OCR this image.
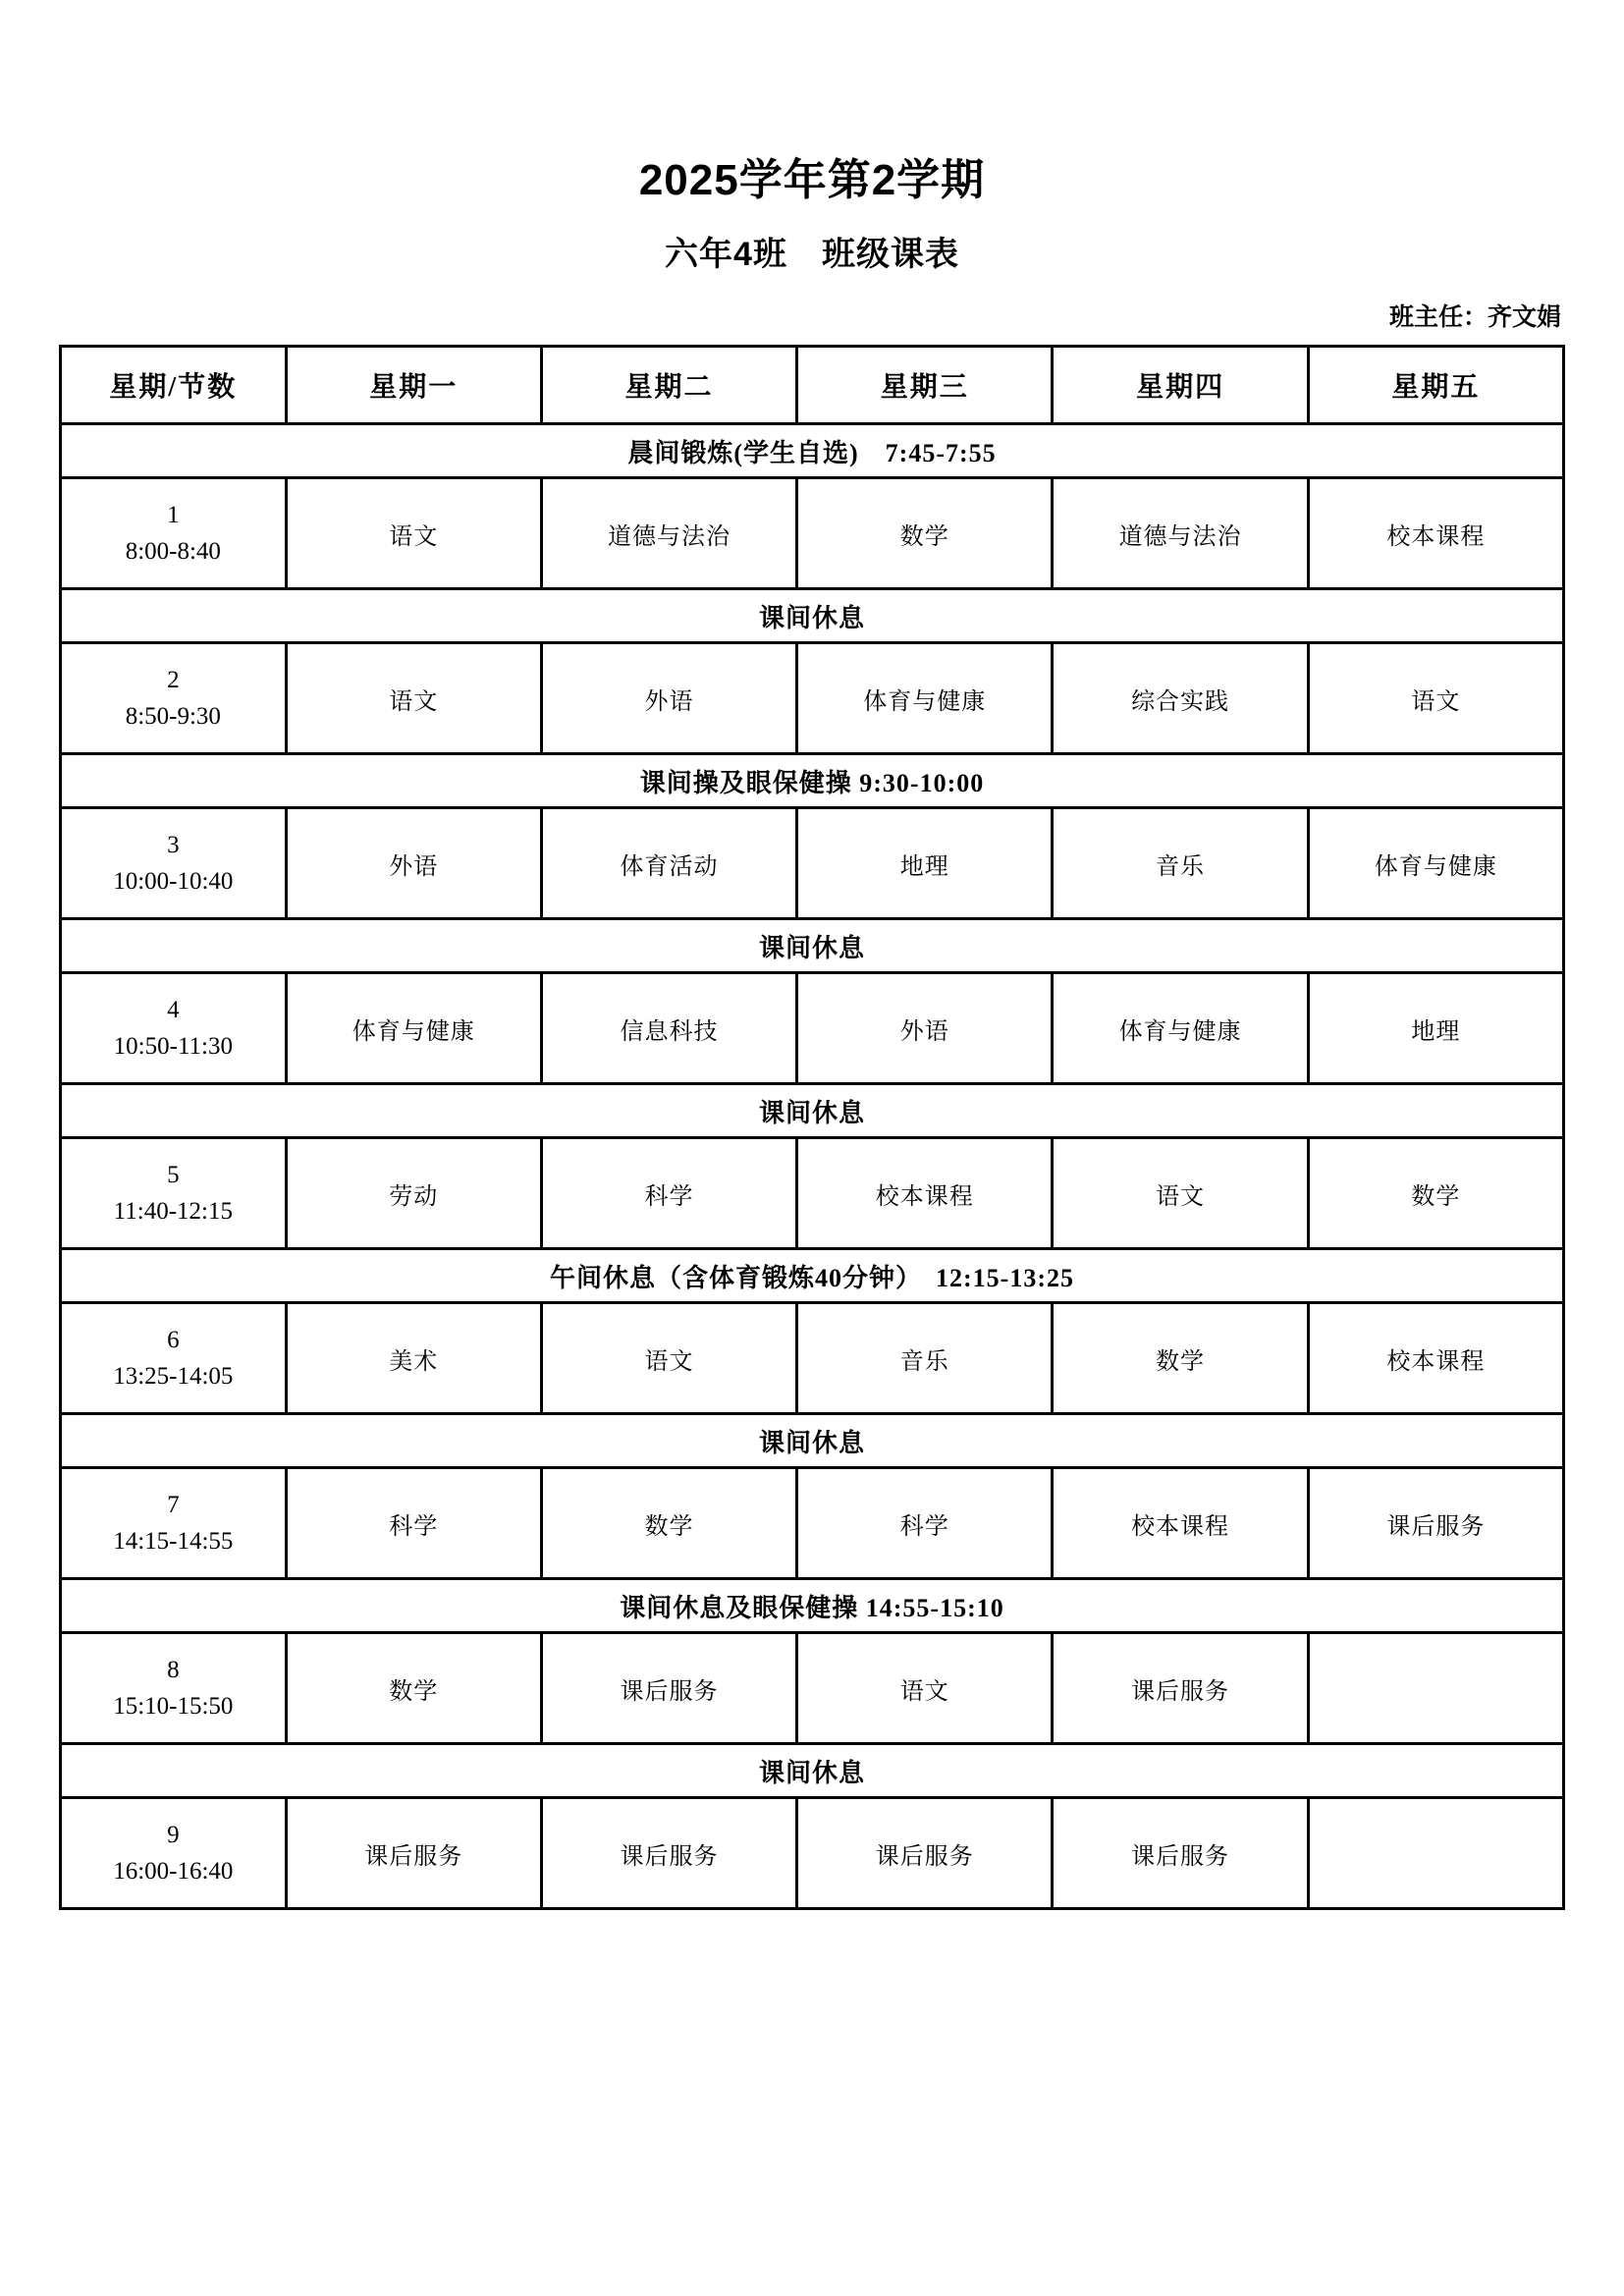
2025学年第2学期
六年4班　班级课表
班主任：齐文娟
星期/节数	星期一	星期二	星期三	星期四	星期五
晨间锻炼(学生自选)　7:45-7:55					

1
8:00-8:40	语文	道德与法治	数学	道德与法治	校本课程
课间休息					

2
8:50-9:30	语文	外语	体育与健康	综合实践	语文
课间操及眼保健操 9:30-10:00					

3
10:00-10:40	外语	体育活动	地理	音乐	体育与健康
课间休息					

4
10:50-11:30	体育与健康	信息科技	外语	体育与健康	地理
课间休息					

5
11:40-12:15	劳动	科学	校本课程	语文	数学
午间休息（含体育锻炼40分钟）　12:15-13:25					

6
13:25-14:05	美术	语文	音乐	数学	校本课程
课间休息					

7
14:15-14:55	科学	数学	科学	校本课程	课后服务
课间休息及眼保健操 14:55-15:10					

8
15:10-15:50	数学	课后服务	语文	课后服务	
课间休息					

9
16:00-16:40	课后服务	课后服务	课后服务	课后服务	
